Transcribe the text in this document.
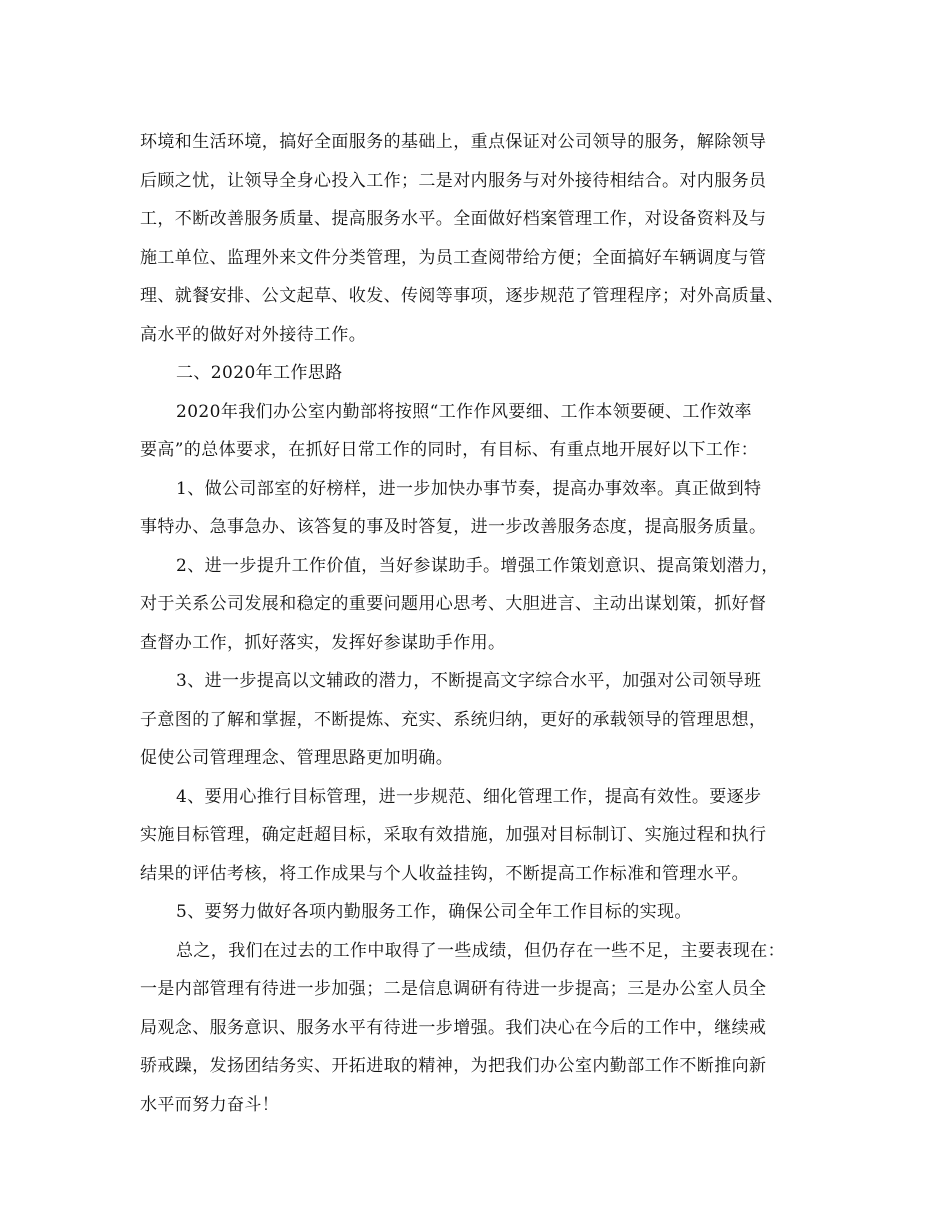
环境和生活环境，搞好全面服务的基础上，重点保证对公司领导的服务，解除领导
后顾之忧，让领导全身心投入工作；二是对内服务与对外接待相结合。对内服务员
工，不断改善服务质量、提高服务水平。全面做好档案管理工作，对设备资料及与
施工单位、监理外来文件分类管理，为员工查阅带给方便；全面搞好车辆调度与管
理、就餐安排、公文起草、收发、传阅等事项，逐步规范了管理程序；对外高质量、
高水平的做好对外接待工作。
二、2020年工作思路
2020年我们办公室内勤部将按照“工作作风要细、工作本领要硬、工作效率
要高”的总体要求，在抓好日常工作的同时，有目标、有重点地开展好以下工作：
1、做公司部室的好榜样，进一步加快办事节奏，提高办事效率。真正做到特
事特办、急事急办、该答复的事及时答复，进一步改善服务态度，提高服务质量。
2、进一步提升工作价值，当好参谋助手。增强工作策划意识、提高策划潜力，
对于关系公司发展和稳定的重要问题用心思考、大胆进言、主动出谋划策，抓好督
查督办工作，抓好落实，发挥好参谋助手作用。
3、进一步提高以文辅政的潜力，不断提高文字综合水平，加强对公司领导班
子意图的了解和掌握，不断提炼、充实、系统归纳，更好的承载领导的管理思想，
促使公司管理理念、管理思路更加明确。
4、要用心推行目标管理，进一步规范、细化管理工作，提高有效性。要逐步
实施目标管理，确定赶超目标，采取有效措施，加强对目标制订、实施过程和执行
结果的评估考核，将工作成果与个人收益挂钩，不断提高工作标准和管理水平。
5、要努力做好各项内勤服务工作，确保公司全年工作目标的实现。
总之，我们在过去的工作中取得了一些成绩，但仍存在一些不足，主要表现在：
一是内部管理有待进一步加强；二是信息调研有待进一步提高；三是办公室人员全
局观念、服务意识、服务水平有待进一步增强。我们决心在今后的工作中，继续戒
骄戒躁，发扬团结务实、开拓进取的精神，为把我们办公室内勤部工作不断推向新
水平而努力奋斗！
